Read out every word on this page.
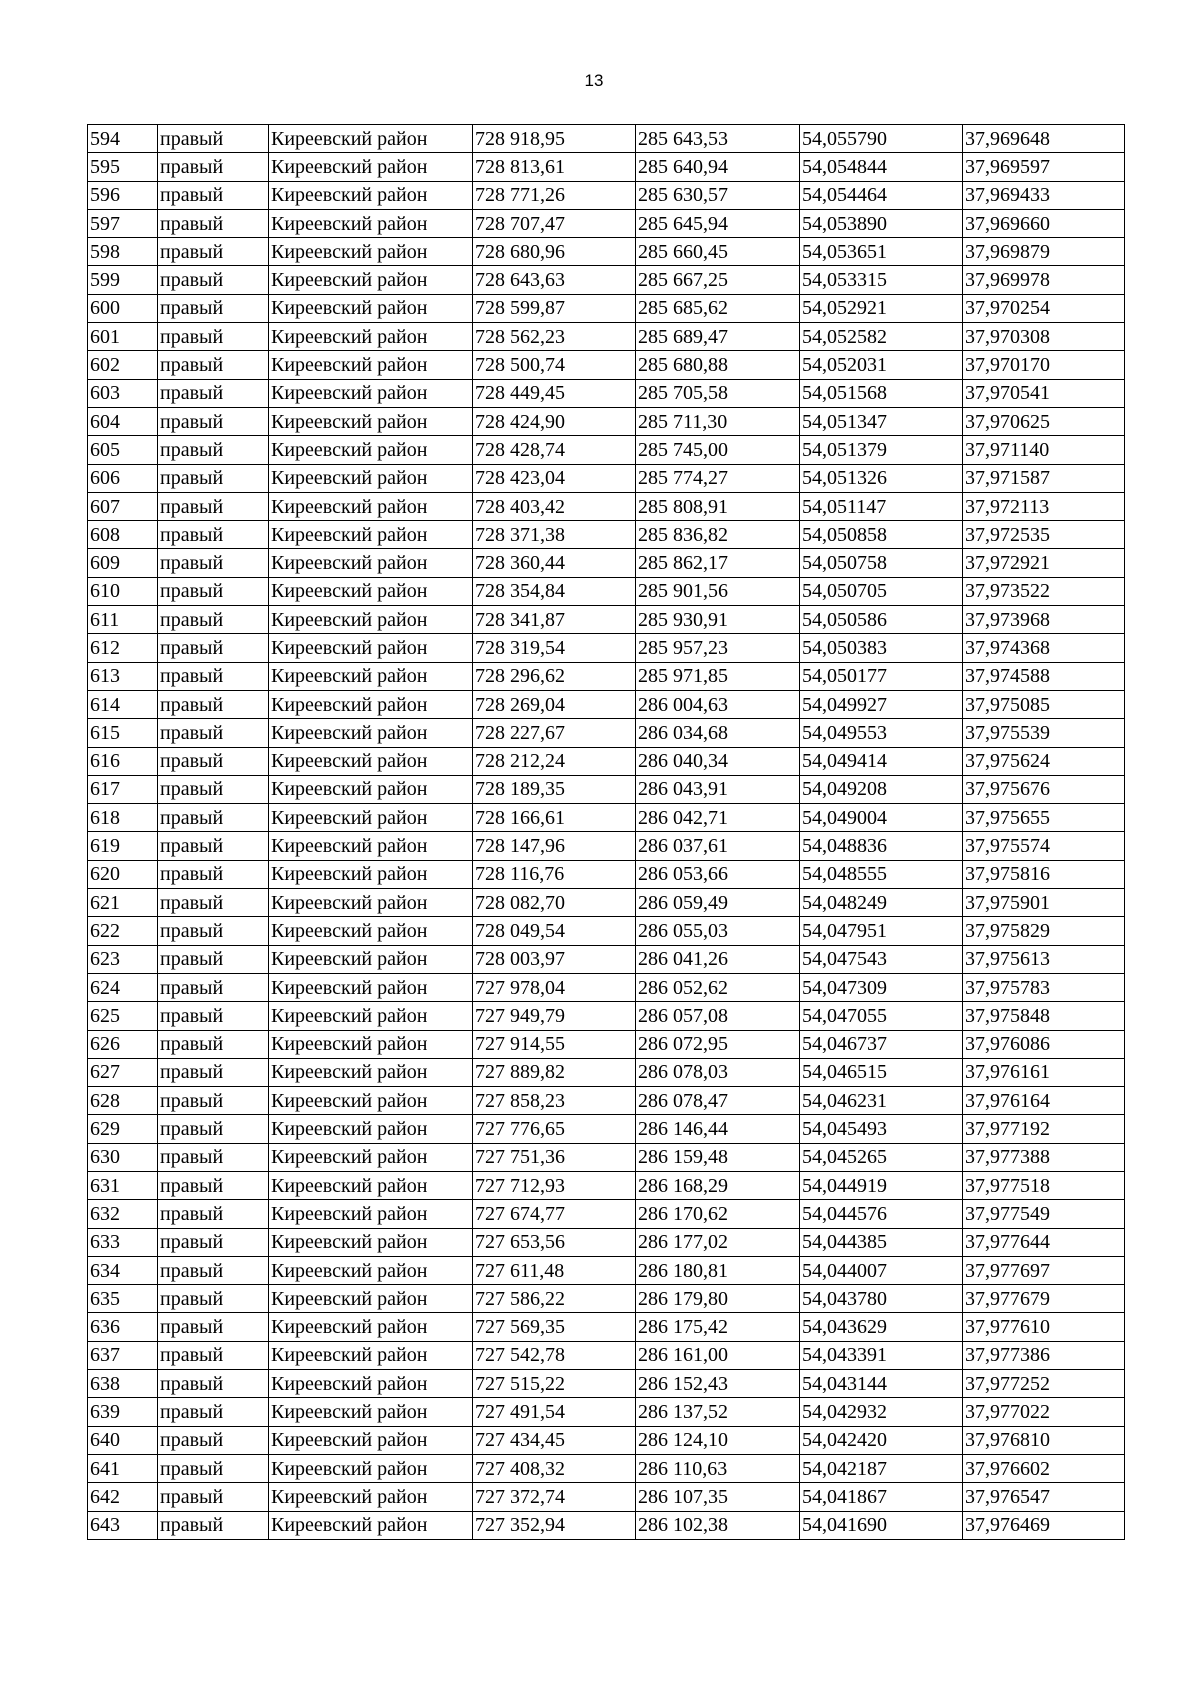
13
594	правый	Киреевский район	728 918,95	285 643,53	54,055790	37,969648
595	правый	Киреевский район	728 813,61	285 640,94	54,054844	37,969597
596	правый	Киреевский район	728 771,26	285 630,57	54,054464	37,969433
597	правый	Киреевский район	728 707,47	285 645,94	54,053890	37,969660
598	правый	Киреевский район	728 680,96	285 660,45	54,053651	37,969879
599	правый	Киреевский район	728 643,63	285 667,25	54,053315	37,969978
600	правый	Киреевский район	728 599,87	285 685,62	54,052921	37,970254
601	правый	Киреевский район	728 562,23	285 689,47	54,052582	37,970308
602	правый	Киреевский район	728 500,74	285 680,88	54,052031	37,970170
603	правый	Киреевский район	728 449,45	285 705,58	54,051568	37,970541
604	правый	Киреевский район	728 424,90	285 711,30	54,051347	37,970625
605	правый	Киреевский район	728 428,74	285 745,00	54,051379	37,971140
606	правый	Киреевский район	728 423,04	285 774,27	54,051326	37,971587
607	правый	Киреевский район	728 403,42	285 808,91	54,051147	37,972113
608	правый	Киреевский район	728 371,38	285 836,82	54,050858	37,972535
609	правый	Киреевский район	728 360,44	285 862,17	54,050758	37,972921
610	правый	Киреевский район	728 354,84	285 901,56	54,050705	37,973522
611	правый	Киреевский район	728 341,87	285 930,91	54,050586	37,973968
612	правый	Киреевский район	728 319,54	285 957,23	54,050383	37,974368
613	правый	Киреевский район	728 296,62	285 971,85	54,050177	37,974588
614	правый	Киреевский район	728 269,04	286 004,63	54,049927	37,975085
615	правый	Киреевский район	728 227,67	286 034,68	54,049553	37,975539
616	правый	Киреевский район	728 212,24	286 040,34	54,049414	37,975624
617	правый	Киреевский район	728 189,35	286 043,91	54,049208	37,975676
618	правый	Киреевский район	728 166,61	286 042,71	54,049004	37,975655
619	правый	Киреевский район	728 147,96	286 037,61	54,048836	37,975574
620	правый	Киреевский район	728 116,76	286 053,66	54,048555	37,975816
621	правый	Киреевский район	728 082,70	286 059,49	54,048249	37,975901
622	правый	Киреевский район	728 049,54	286 055,03	54,047951	37,975829
623	правый	Киреевский район	728 003,97	286 041,26	54,047543	37,975613
624	правый	Киреевский район	727 978,04	286 052,62	54,047309	37,975783
625	правый	Киреевский район	727 949,79	286 057,08	54,047055	37,975848
626	правый	Киреевский район	727 914,55	286 072,95	54,046737	37,976086
627	правый	Киреевский район	727 889,82	286 078,03	54,046515	37,976161
628	правый	Киреевский район	727 858,23	286 078,47	54,046231	37,976164
629	правый	Киреевский район	727 776,65	286 146,44	54,045493	37,977192
630	правый	Киреевский район	727 751,36	286 159,48	54,045265	37,977388
631	правый	Киреевский район	727 712,93	286 168,29	54,044919	37,977518
632	правый	Киреевский район	727 674,77	286 170,62	54,044576	37,977549
633	правый	Киреевский район	727 653,56	286 177,02	54,044385	37,977644
634	правый	Киреевский район	727 611,48	286 180,81	54,044007	37,977697
635	правый	Киреевский район	727 586,22	286 179,80	54,043780	37,977679
636	правый	Киреевский район	727 569,35	286 175,42	54,043629	37,977610
637	правый	Киреевский район	727 542,78	286 161,00	54,043391	37,977386
638	правый	Киреевский район	727 515,22	286 152,43	54,043144	37,977252
639	правый	Киреевский район	727 491,54	286 137,52	54,042932	37,977022
640	правый	Киреевский район	727 434,45	286 124,10	54,042420	37,976810
641	правый	Киреевский район	727 408,32	286 110,63	54,042187	37,976602
642	правый	Киреевский район	727 372,74	286 107,35	54,041867	37,976547
643	правый	Киреевский район	727 352,94	286 102,38	54,041690	37,976469
